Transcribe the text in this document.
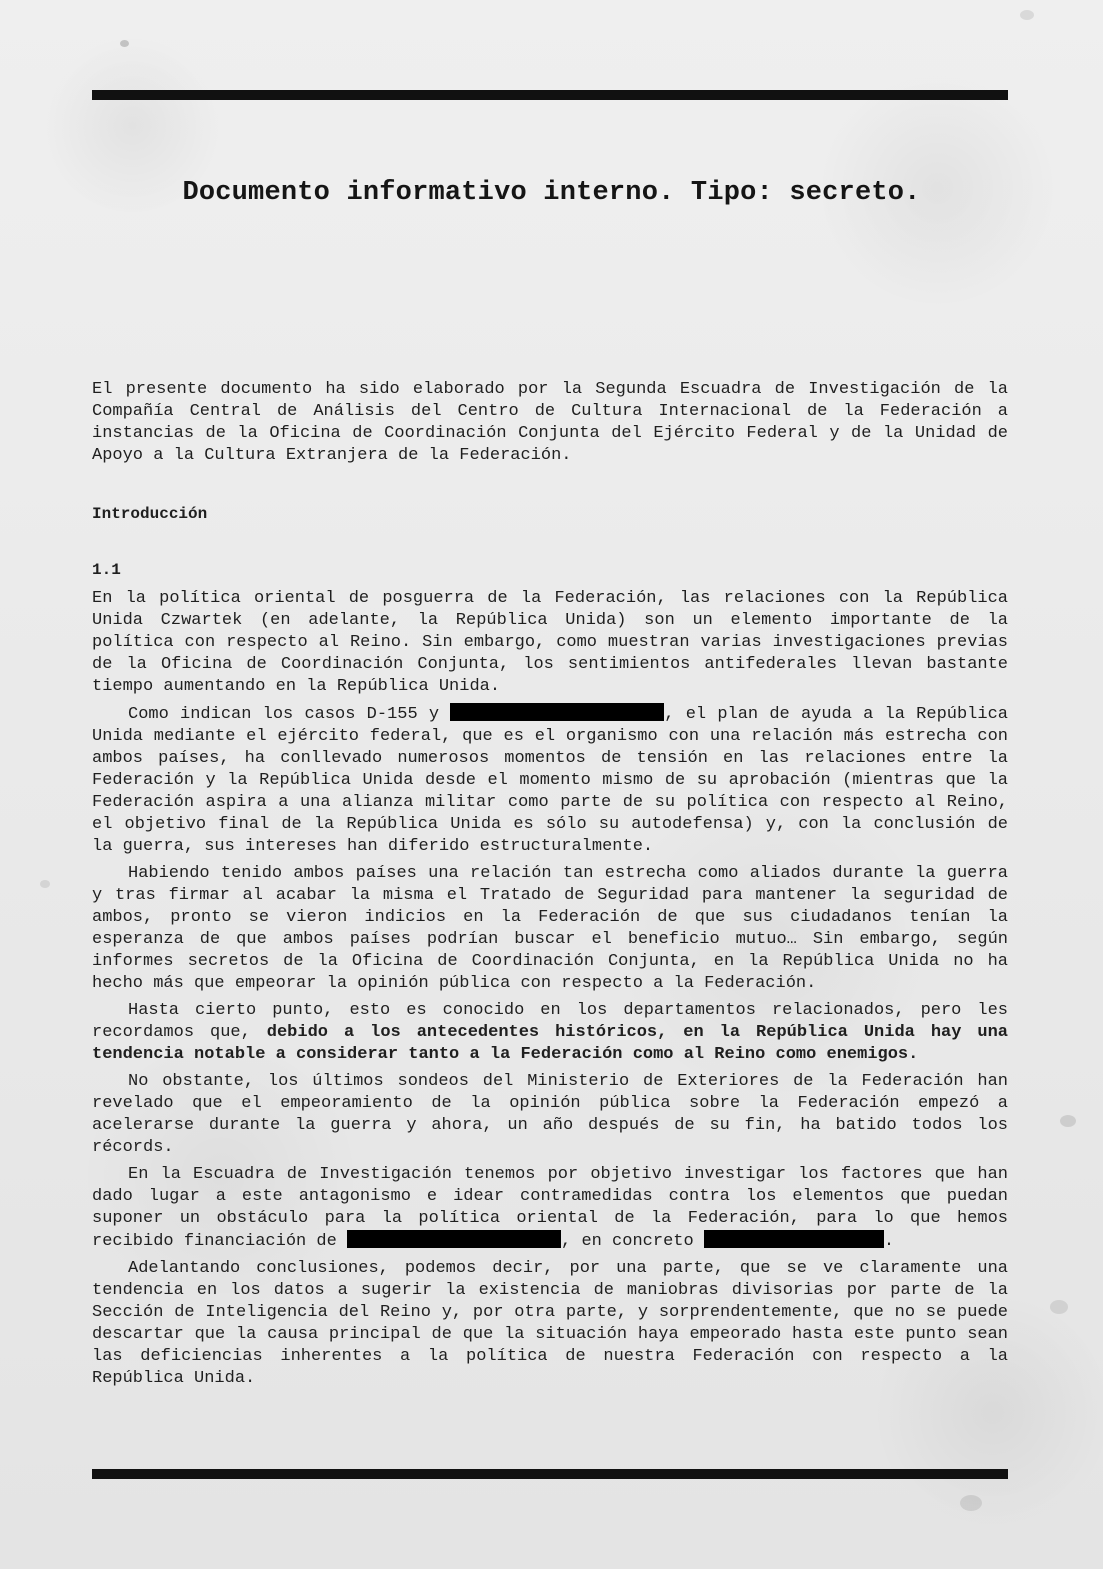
Documento informativo interno. Tipo: secreto.
El presente documento ha sido elaborado por la Segunda Escuadra de Investigación de la Compañía Central de Análisis del Centro de Cultura Internacional de la Federación a instancias de la Oficina de Coordinación Conjunta del Ejército Federal y de la Unidad de Apoyo a la Cultura Extranjera de la Federación.
Introducción
1.1

En la política oriental de posguerra de la Federación, las relaciones con la República Unida Czwartek (en adelante, la República Unida) son un elemento importante de la política con respecto al Reino. Sin embargo, como muestran varias investigaciones previas de la Oficina de Coordinación Conjunta, los sentimientos antifederales llevan bastante tiempo aumentando en la República Unida.

Como indican los casos D-155 y	, el plan de ayuda a la República Unida mediante el ejército federal, que es el organismo con una relación más estrecha con ambos países, ha conllevado numerosos momentos de tensión en las relaciones entre la Federación y la República Unida desde el momento mismo de su aprobación (mientras que la Federación aspira a una alianza militar como parte de su política con respecto al Reino, el objetivo final de la República Unida es sólo su autodefensa) y, con la conclusión de la guerra, sus intereses han diferido estructuralmente.

Habiendo tenido ambos países una relación tan estrecha como aliados durante la guerra y tras firmar al acabar la misma el Tratado de Seguridad para mantener la seguridad de ambos, pronto se vieron indicios en la Federación de que sus ciudadanos tenían la esperanza de que ambos países podrían buscar el beneficio mutuo… Sin embargo, según informes secretos de la Oficina de Coordinación Conjunta, en la República Unida no ha hecho más que empeorar la opinión pública con respecto a la Federación.

Hasta cierto punto, esto es conocido en los departamentos relacionados, pero les recordamos que, debido a los antecedentes históricos, en la República Unida hay una tendencia notable a considerar tanto a la Federación como al Reino como enemigos.

No obstante, los últimos sondeos del Ministerio de Exteriores de la Federación han revelado que el empeoramiento de la opinión pública sobre la Federación empezó a acelerarse durante la guerra y ahora, un año después de su fin, ha batido todos los récords.

En la Escuadra de Investigación tenemos por objetivo investigar los factores que han dado lugar a este antagonismo e idear contramedidas contra los elementos que puedan suponer un obstáculo para la política oriental de la Federación, para lo que hemos recibido financiación de	, en concreto	.

Adelantando conclusiones, podemos decir, por una parte, que se ve claramente una tendencia en los datos a sugerir la existencia de maniobras divisorias por parte de la Sección de Inteligencia del Reino y, por otra parte, y sorprendentemente, que no se puede descartar que la causa principal de que la situación haya empeorado hasta este punto sean las deficiencias inherentes a la política de nuestra Federación con respecto a la República Unida.
